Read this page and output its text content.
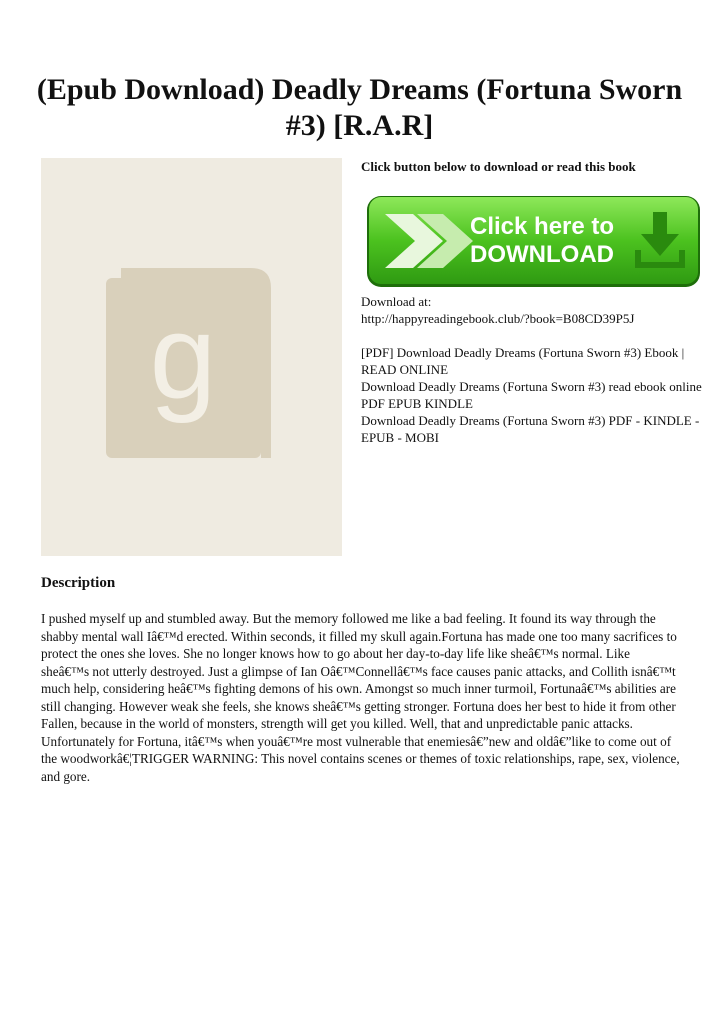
(Epub Download) Deadly Dreams (Fortuna Sworn #3) [R.A.R]
g
Click button below to download or read this book
Click here to
DOWNLOAD

Download at:

http://happyreadingebook.club/?book=B08CD39P5J

[PDF] Download Deadly Dreams (Fortuna Sworn #3) Ebook | READ ONLINE

Download Deadly Dreams (Fortuna Sworn #3) read ebook online PDF EPUB KINDLE

Download Deadly Dreams (Fortuna Sworn #3) PDF - KINDLE - EPUB - MOBI

Description
I pushed myself up and stumbled away. But the memory followed me like a bad feeling. It found its way through the shabby mental wall Iâ€™d erected. Within seconds, it filled my skull again.Fortuna has made one too many sacrifices to protect the ones she loves. She no longer knows how to go about her day-to-day life like sheâ€™s normal. Like sheâ€™s not utterly destroyed. Just a glimpse of Ian Oâ€™Connellâ€™s face causes panic attacks, and Collith isnâ€™t much help, considering heâ€™s fighting demons of his own. Amongst so much inner turmoil, Fortunaâ€™s abilities are still changing. However weak she feels, she knows sheâ€™s getting stronger. Fortuna does her best to hide it from other Fallen, because in the world of monsters, strength will get you killed. Well, that and unpredictable panic attacks. Unfortunately for Fortuna, itâ€™s when youâ€™re most vulnerable that enemiesâ€”new and oldâ€”like to come out of the woodworkâ€¦TRIGGER WARNING: This novel contains scenes or themes of toxic relationships, rape, sex, violence, and gore.
